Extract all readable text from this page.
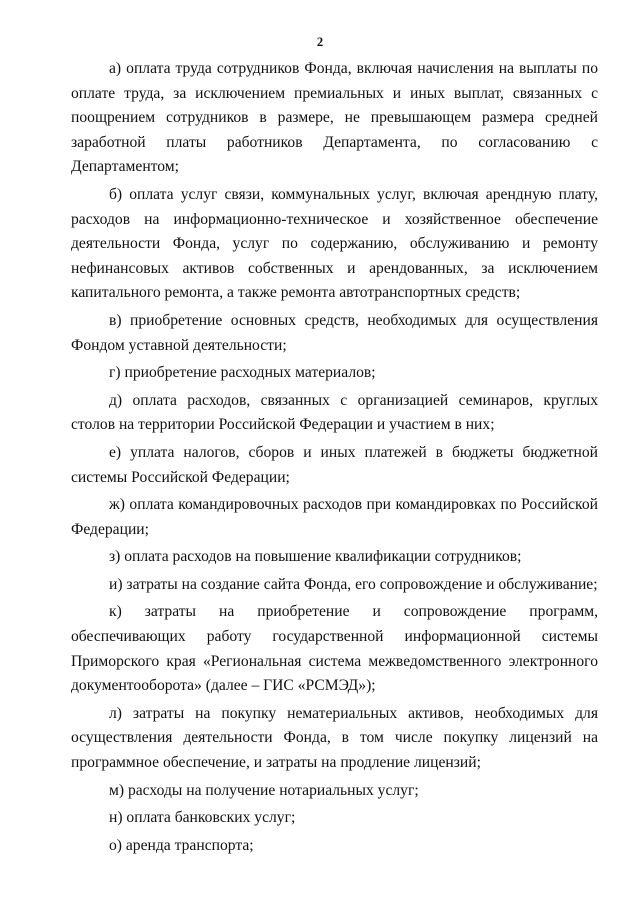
2

а) оплата труда сотрудников Фонда, включая начисления на выплаты по оплате труда, за исключением премиальных и иных выплат, связанных с поощрением сотрудников в размере, не превышающем размера средней заработной платы работников Департамента, по согласованию с Департаментом;

б) оплата услуг связи, коммунальных услуг, включая арендную плату, расходов на информационно-техническое и хозяйственное обеспечение деятельности Фонда, услуг по содержанию, обслуживанию и ремонту нефинансовых активов собственных и арендованных, за исключением капитального ремонта, а также ремонта автотранспортных средств;

в) приобретение основных средств, необходимых для осуществления Фондом уставной деятельности;

г) приобретение расходных материалов;

д) оплата расходов, связанных с организацией семинаров, круглых столов на территории Российской Федерации и участием в них;

е) уплата налогов, сборов и иных платежей в бюджеты бюджетной системы Российской Федерации;

ж) оплата командировочных расходов при командировках по Российской Федерации;

з) оплата расходов на повышение квалификации сотрудников;

и) затраты на создание сайта Фонда, его сопровождение и обслуживание;

к) затраты на приобретение и сопровождение программ, обеспечивающих работу государственной информационной системы Приморского края «Региональная система межведомственного электронного документооборота» (далее – ГИС «РСМЭД»);

л) затраты на покупку нематериальных активов, необходимых для осуществления деятельности Фонда, в том числе покупку лицензий на программное обеспечение, и затраты на продление лицензий;

м) расходы на получение нотариальных услуг;

н) оплата банковских услуг;

о) аренда транспорта;
